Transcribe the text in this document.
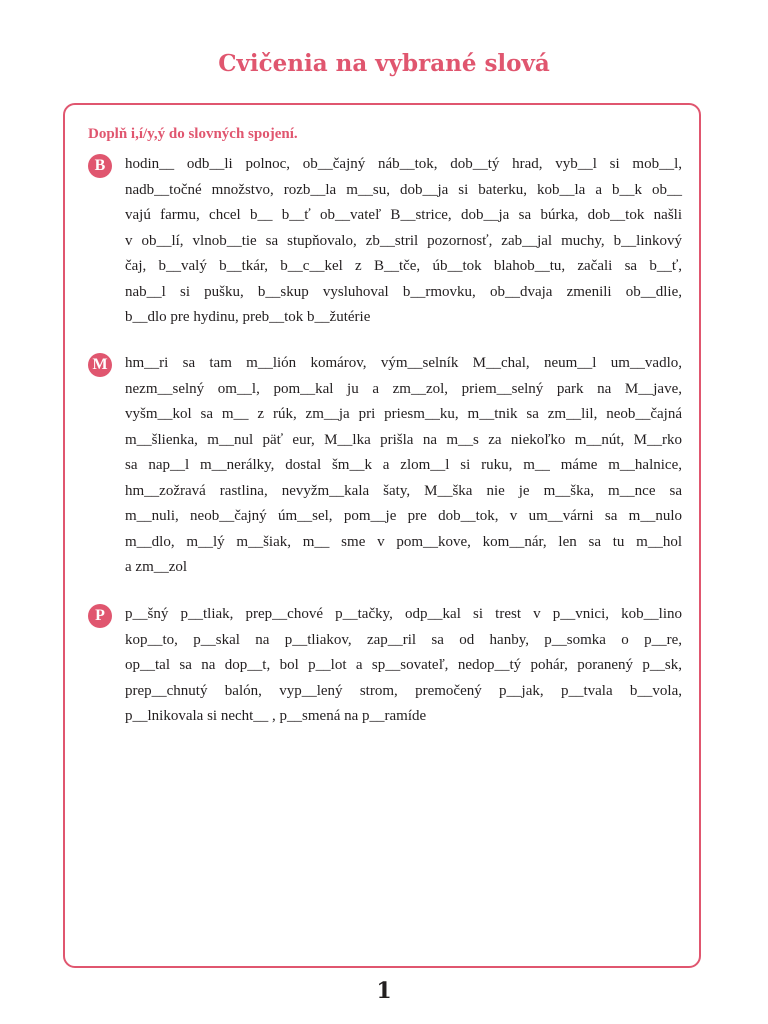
Cvičenia na vybrané slová
Doplň i,í/y,ý do slovných spojení.
B	hodin__ odb__li polnoc, ob__čajný náb__tok, dob__tý hrad, vyb__l si mob__l,
nadb__točné množstvo, rozb__la m__su, dob__ja si baterku, kob__la a b__k ob__
vajú farmu, chcel b__ b__ť ob__vateľ B__strice, dob__ja sa búrka, dob__tok našli
v ob__lí, vlnob__tie sa stupňovalo, zb__stril pozornosť, zab__jal muchy, b__linkový
čaj, b__valý b__tkár, b__c__kel z B__tče, úb__tok blahob__tu, začali sa b__ť,
nab__l si pušku, b__skup vysluhoval b__rmovku, ob__dvaja zmenili ob__dlie,
b__dlo pre hydinu, preb__tok b__žutérie
M hm__ri sa tam m__lión komárov, vým__selník M__chal, neum__l um__vadlo,
nezm__selný om__l, pom__kal ju a zm__zol, priem__selný park na M__jave,
vyšm__kol sa m__ z rúk, zm__ja pri priesm__ku, m__tnik sa zm__lil, neob__čajná
m__šlienka, m__nul päť eur, M__lka prišla na m__s za niekoľko m__nút, M__rko
sa nap__l m__nerálky, dostal šm__k a zlom__l si ruku, m__ máme m__halnice,
hm__zožravá rastlina, nevyžm__kala šaty, M__ška nie je m__ška, m__nce sa
m__nuli, neob__čajný úm__sel, pom__je pre dob__tok, v um__várni sa m__nulo
m__dlo, m__lý m__šiak, m__ sme v pom__kove, kom__nár, len sa tu m__hol
a zm__zol
P	p__šný p__tliak, prep__chové p__tačky, odp__kal si trest v p__vnici, kob__lino
kop__to, p__skal na p__tliakov, zap__ril sa od hanby, p__somka o p__re,
op__tal sa na dop__t, bol p__lot a sp__sovateľ, nedop__tý pohár, poranený p__sk,
prep__chnutý balón, vyp__lený strom, premočený p__jak, p__tvala b__vola,
p__lnikovala si necht__ , p__smená na p__ramíde
1
